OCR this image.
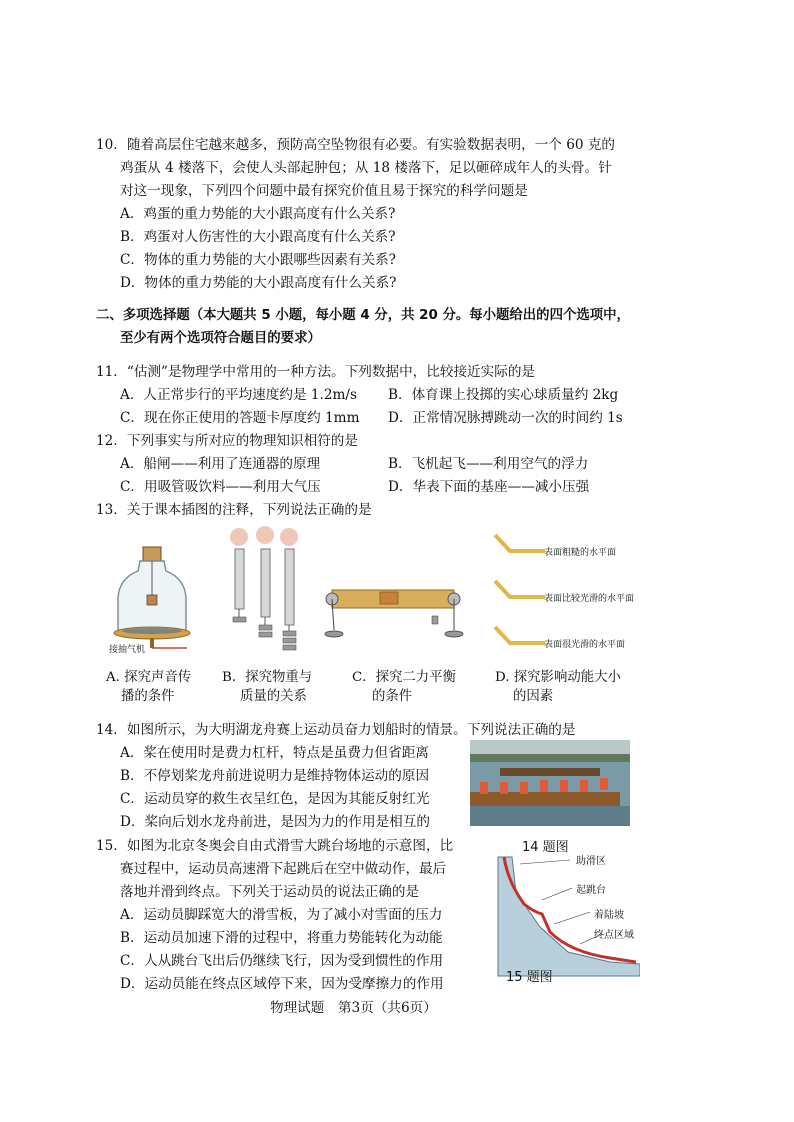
10．随着高层住宅越来越多，预防高空坠物很有必要。有实验数据表明，一个 60 克的
鸡蛋从 4 楼落下，会使人头部起肿包；从 18 楼落下，足以砸碎成年人的头骨。针
对这一现象，下列四个问题中最有探究价值且易于探究的科学问题是
A．鸡蛋的重力势能的大小跟高度有什么关系?
B．鸡蛋对人伤害性的大小跟高度有什么关系?
C．物体的重力势能的大小跟哪些因素有关系?
D．物体的重力势能的大小跟高度有什么关系?
二、多项选择题（本大题共 5 小题，每小题 4 分，共 20 分。每小题给出的四个选项中，
至少有两个选项符合题目的要求）
11．“估测”是物理学中常用的一种方法。下列数据中，比较接近实际的是
A．人正常步行的平均速度约是 1.2m/s B．体育课上投掷的实心球质量约 2kg
C．现在你正使用的答题卡厚度约 1mm D．正常情况脉搏跳动一次的时间约 1s
12．下列事实与所对应的物理知识相符的是
A．船闸——利用了连通器的原理	B．飞机起飞——利用空气的浮力
C．用吸管吸饮料——利用大气压	D．华表下面的基座——减小压强
13．关于课本插图的注释，下列说法正确的是
接抽气机
表面粗糙的水平面
表面比较光滑的水平面
表面很光滑的水平面
A. 探究声音传
播的条件
B．探究物重与
质量的关系
C．探究二力平衡
的条件
D. 探究影响动能大小
的因素
14．如图所示，为大明湖龙舟赛上运动员奋力划船时的情景。下列说法正确的是
A．桨在使用时是费力杠杆，特点是虽费力但省距离
B．不停划桨龙舟前进说明力是维持物体运动的原因
C．运动员穿的救生衣呈红色，是因为其能反射红光
D．桨向后划水龙舟前进，是因为力的作用是相互的
14 题图
15．如图为北京冬奥会自由式滑雪大跳台场地的示意图，比
赛过程中，运动员高速滑下起跳后在空中做动作，最后
落地并滑到终点。下列关于运动员的说法正确的是
A．运动员脚踩宽大的滑雪板，为了减小对雪面的压力
B．运动员加速下滑的过程中，将重力势能转化为动能
C．人从跳台飞出后仍继续飞行，因为受到惯性的作用
D．运动员能在终点区域停下来，因为受摩擦力的作用
助滑区
起跳台
着陆坡
终点区域
15 题图
物理试题　第3页（共6页）
